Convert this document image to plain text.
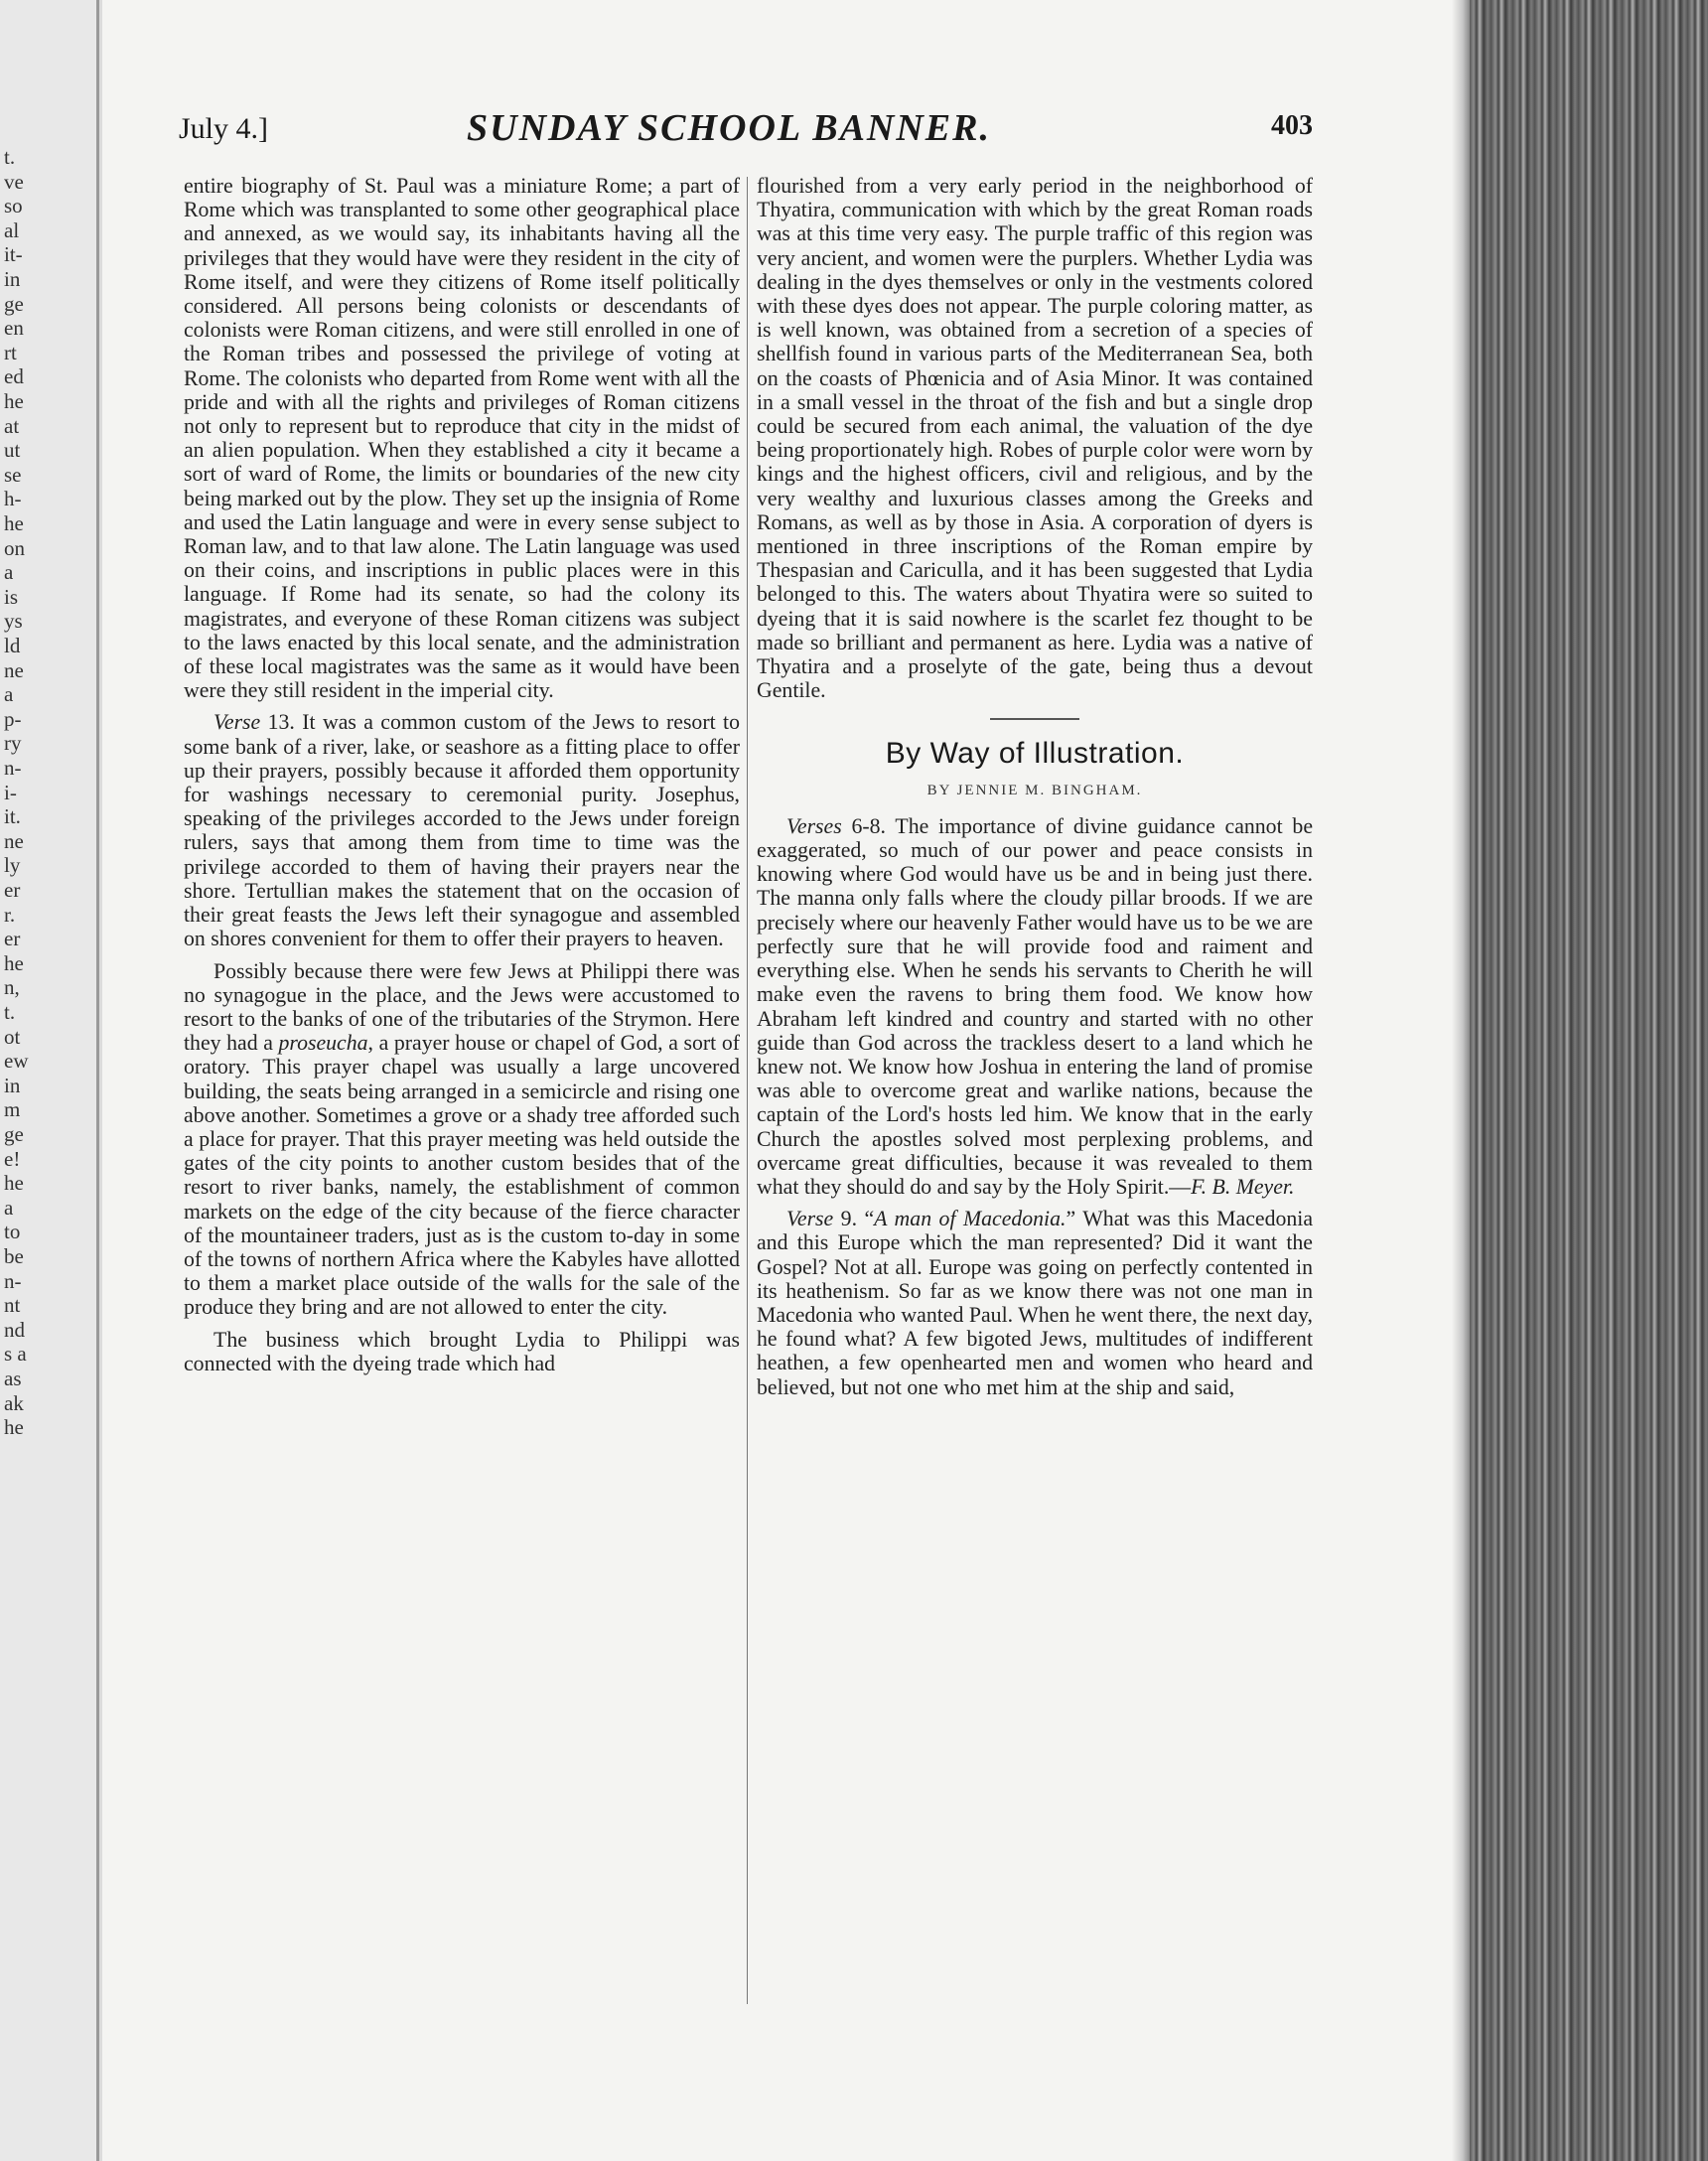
t.
ve
so
al
it-
in
ge
en
rt
ed
he
at
ut
se
h-
he
on
a
is
ys
ld
ne
a
p-
ry
n-
i-
it.
ne
ly
er
r.
er
he
n,
t.
ot
ew
in
m
ge
e!
he
a
to
be
n-
nt
nd
s a
as
ak
he
July 4.]	SUNDAY SCHOOL BANNER.	403

entire biography of St. Paul was a miniature Rome; a part of Rome which was transplanted to some other geographical place and annexed, as we would say, its inhabitants having all the privileges that they would have were they resident in the city of Rome itself, and were they citizens of Rome itself politically considered. All persons being colonists or descendants of colonists were Roman citizens, and were still enrolled in one of the Roman tribes and possessed the privilege of voting at Rome. The colonists who departed from Rome went with all the pride and with all the rights and privileges of Roman citizens not only to represent but to reproduce that city in the midst of an alien population. When they established a city it became a sort of ward of Rome, the limits or boundaries of the new city being marked out by the plow. They set up the insignia of Rome and used the Latin language and were in every sense subject to Roman law, and to that law alone. The Latin language was used on their coins, and inscriptions in public places were in this language. If Rome had its senate, so had the colony its magistrates, and everyone of these Roman citizens was subject to the laws enacted by this local senate, and the administration of these local magistrates was the same as it would have been were they still resident in the imperial city.

Verse 13. It was a common custom of the Jews to resort to some bank of a river, lake, or seashore as a fitting place to offer up their prayers, possibly because it afforded them opportunity for washings necessary to ceremonial purity. Josephus, speaking of the privileges accorded to the Jews under foreign rulers, says that among them from time to time was the privilege accorded to them of having their prayers near the shore. Tertullian makes the statement that on the occasion of their great feasts the Jews left their synagogue and assembled on shores convenient for them to offer their prayers to heaven.

Possibly because there were few Jews at Philippi there was no synagogue in the place, and the Jews were accustomed to resort to the banks of one of the tributaries of the Strymon. Here they had a proseucha, a prayer house or chapel of God, a sort of oratory. This prayer chapel was usually a large uncovered building, the seats being arranged in a semicircle and rising one above another. Sometimes a grove or a shady tree afforded such a place for prayer. That this prayer meeting was held outside the gates of the city points to another custom besides that of the resort to river banks, namely, the establishment of common markets on the edge of the city because of the fierce character of the mountaineer traders, just as is the custom to-day in some of the towns of northern Africa where the Kabyles have allotted to them a market place outside of the walls for the sale of the produce they bring and are not allowed to enter the city.

The business which brought Lydia to Philippi was connected with the dyeing trade which had

flourished from a very early period in the neighborhood of Thyatira, communication with which by the great Roman roads was at this time very easy. The purple traffic of this region was very ancient, and women were the purplers. Whether Lydia was dealing in the dyes themselves or only in the vestments colored with these dyes does not appear. The purple coloring matter, as is well known, was obtained from a secretion of a species of shellfish found in various parts of the Mediterranean Sea, both on the coasts of Phœnicia and of Asia Minor. It was contained in a small vessel in the throat of the fish and but a single drop could be secured from each animal, the valuation of the dye being proportionately high. Robes of purple color were worn by kings and the highest officers, civil and religious, and by the very wealthy and luxurious classes among the Greeks and Romans, as well as by those in Asia. A corporation of dyers is mentioned in three inscriptions of the Roman empire by Thespasian and Cariculla, and it has been suggested that Lydia belonged to this. The waters about Thyatira were so suited to dyeing that it is said nowhere is the scarlet fez thought to be made so brilliant and permanent as here. Lydia was a native of Thyatira and a proselyte of the gate, being thus a devout Gentile.

By Way of Illustration.
BY JENNIE M. BINGHAM.

Verses 6-8. The importance of divine guidance cannot be exaggerated, so much of our power and peace consists in knowing where God would have us be and in being just there. The manna only falls where the cloudy pillar broods. If we are precisely where our heavenly Father would have us to be we are perfectly sure that he will provide food and raiment and everything else. When he sends his servants to Cherith he will make even the ravens to bring them food. We know how Abraham left kindred and country and started with no other guide than God across the trackless desert to a land which he knew not. We know how Joshua in entering the land of promise was able to overcome great and warlike nations, because the captain of the Lord's hosts led him. We know that in the early Church the apostles solved most perplexing problems, and overcame great difficulties, because it was revealed to them what they should do and say by the Holy Spirit.—F. B. Meyer.

Verse 9. “A man of Macedonia.” What was this Macedonia and this Europe which the man represented? Did it want the Gospel? Not at all. Europe was going on perfectly contented in its heathenism. So far as we know there was not one man in Macedonia who wanted Paul. When he went there, the next day, he found what? A few bigoted Jews, multitudes of indifferent heathen, a few openhearted men and women who heard and believed, but not one who met him at the ship and said,
